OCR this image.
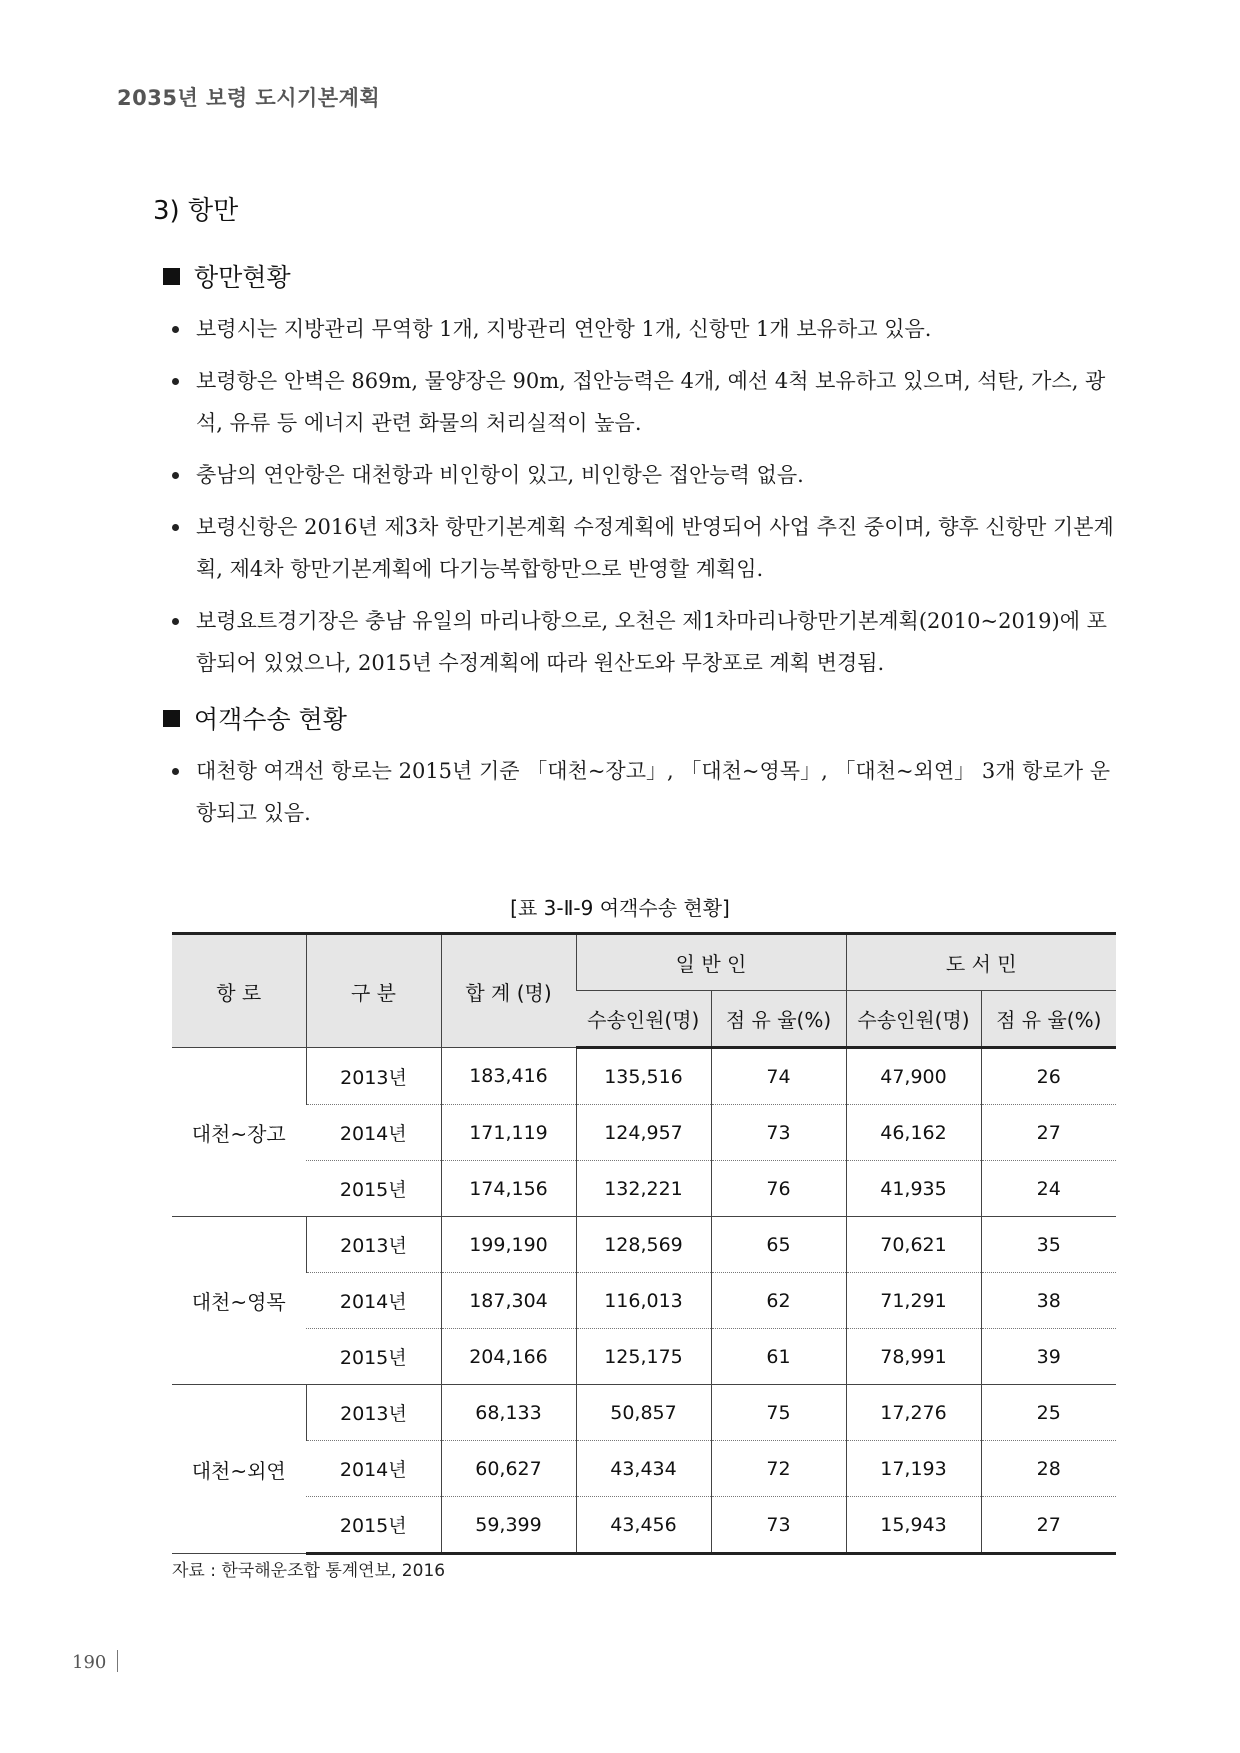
2035년 보령 도시기본계획
3) 항만
항만현황
보령시는 지방관리 무역항 1개, 지방관리 연안항 1개, 신항만 1개 보유하고 있음.
보령항은 안벽은 869m, 물양장은 90m, 접안능력은 4개, 예선 4척 보유하고 있으며, 석탄, 가스, 광석, 유류 등 에너지 관련 화물의 처리실적이 높음.
충남의 연안항은 대천항과 비인항이 있고, 비인항은 접안능력 없음.
보령신항은 2016년 제3차 항만기본계획 수정계획에 반영되어 사업 추진 중이며, 향후 신항만 기본계획, 제4차 항만기본계획에 다기능복합항만으로 반영할 계획임.
보령요트경기장은 충남 유일의 마리나항으로, 오천은 제1차마리나항만기본계획(2010~2019)에 포함되어 있었으나, 2015년 수정계획에 따라 원산도와 무창포로 계획 변경됨.
여객수송 현황
대천항 여객선 항로는 2015년 기준 「대천~장고」, 「대천~영목」, 「대천~외연」 3개 항로가 운항되고 있음.
[표 3-Ⅱ-9 여객수송 현황]
항 로	구 분	합 계 (명)	일 반 인		도 서 민	
			수송인원(명)	점 유 율(%)	수송인원(명)	점 유 율(%)
대천~장고	2013년	183,416	135,516	74	47,900	26
	2014년	171,119	124,957	73	46,162	27
	2015년	174,156	132,221	76	41,935	24
대천~영목	2013년	199,190	128,569	65	70,621	35
	2014년	187,304	116,013	62	71,291	38
	2015년	204,166	125,175	61	78,991	39
대천~외연	2013년	68,133	50,857	75	17,276	25
	2014년	60,627	43,434	72	17,193	28
	2015년	59,399	43,456	73	15,943	27
자료 : 한국해운조합 통계연보, 2016
190
